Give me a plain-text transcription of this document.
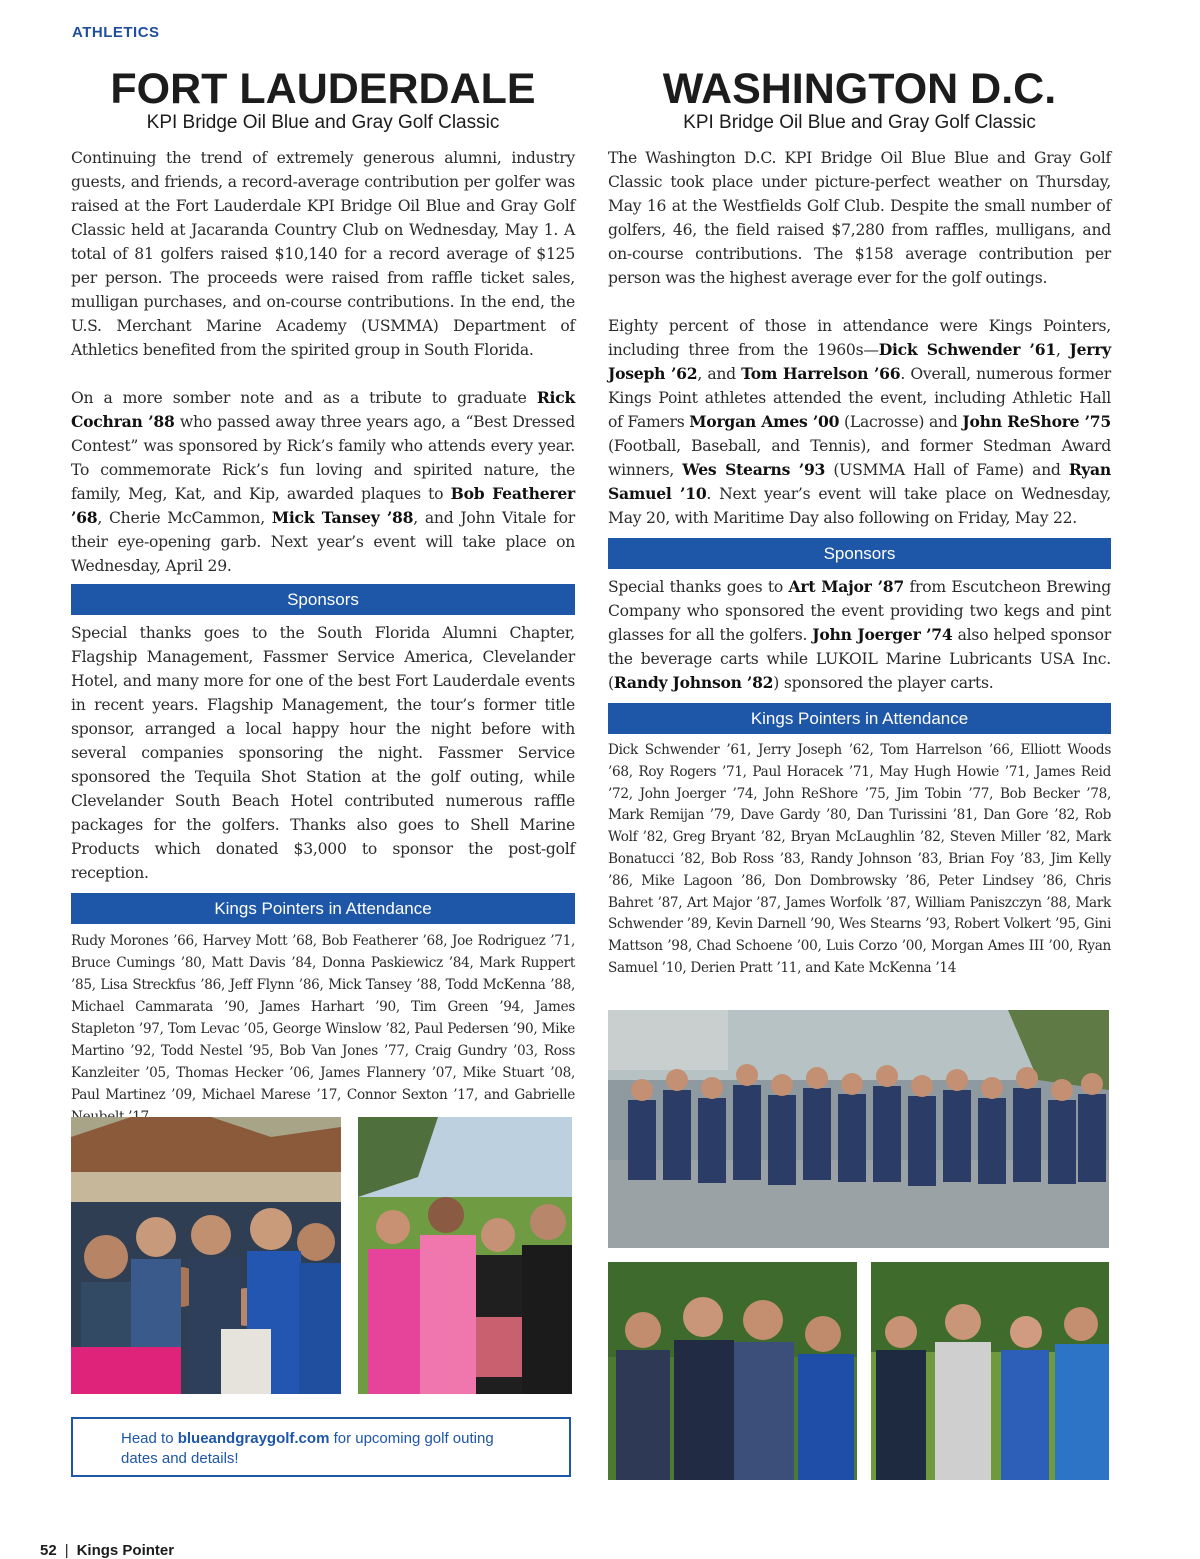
ATHLETICS
FORT LAUDERDALE

KPI Bridge Oil Blue and Gray Golf Classic

Continuing the trend of extremely generous alumni, industry guests, and friends, a record-average contribution per golfer was raised at the Fort Lauderdale KPI Bridge Oil Blue and Gray Golf Classic held at Jacaranda Country Club on Wednesday, May 1. A total of 81 golfers raised $10,140 for a record average of $125 per person. The proceeds were raised from raffle ticket sales, mulligan purchases, and on-course contributions. In the end, the U.S. Merchant Marine Academy (USMMA) Department of Athletics benefited from the spirited group in South Florida.

On a more somber note and as a tribute to graduate Rick Cochran ’88 who passed away three years ago, a “Best Dressed Contest” was sponsored by Rick’s family who attends every year. To commemorate Rick’s fun loving and spirited nature, the family, Meg, Kat, and Kip, awarded plaques to Bob Featherer ’68, Cherie McCammon, Mick Tansey ’88, and John Vitale for their eye-opening garb. Next year’s event will take place on Wednesday, April 29.

Sponsors

Special thanks goes to the South Florida Alumni Chapter, Flagship Management, Fassmer Service America, Clevelander Hotel, and many more for one of the best Fort Lauderdale events in recent years. Flagship Management, the tour’s former title sponsor, arranged a local happy hour the night before with several companies sponsoring the night. Fassmer Service sponsored the Tequila Shot Station at the golf outing, while Clevelander South Beach Hotel contributed numerous raffle packages for the golfers. Thanks also goes to Shell Marine Products which donated $3,000 to sponsor the post-golf reception.

Kings Pointers in Attendance

Rudy Morones ’66, Harvey Mott ’68, Bob Featherer ’68, Joe Rodriguez ’71, Bruce Cumings ’80, Matt Davis ’84, Donna Paskiewicz ’84, Mark Ruppert ’85, Lisa Streckfus ’86, Jeff Flynn ’86, Mick Tansey ’88, Todd McKenna ’88, Michael Cammarata ’90, James Harhart ’90, Tim Green ’94, James Stapleton ’97, Tom Levac ’05, George Winslow ’82, Paul Pedersen ’90, Mike Martino ’92, Todd Nestel ’95, Bob Van Jones ’77, Craig Gundry ’03, Ross Kanzleiter ’05, Thomas Hecker ’06, James Flannery ’07, Mike Stuart ’08, Paul Martinez ’09, Michael Marese ’17, Connor Sexton ’17, and Gabrielle

WASHINGTON D.C.

KPI Bridge Oil Blue and Gray Golf Classic

The Washington D.C. KPI Bridge Oil Blue Blue and Gray Golf Classic took place under picture-perfect weather on Thursday, May 16 at the Westfields Golf Club. Despite the small number of golfers, 46, the field raised $7,280 from raffles, mulligans, and on-course contributions. The $158 average contribution per person was the highest average ever for the golf outings.

Eighty percent of those in attendance were Kings Pointers, including three from the 1960s—Dick Schwender ’61, Jerry Joseph ’62, and Tom Harrelson ’66. Overall, numerous former Kings Point athletes attended the event, including Athletic Hall of Famers Morgan Ames ’00 (Lacrosse) and John ReShore ’75 (Football, Baseball, and Tennis), and former Stedman Award winners, Wes Stearns ’93 (USMMA Hall of Fame) and Ryan Samuel ’10. Next year’s event will take place on Wednesday, May 20, with Maritime Day also following on Friday, May 22.

Sponsors

Special thanks goes to Art Major ’87 from Escutcheon Brewing Company who sponsored the event providing two kegs and pint glasses for all the golfers. John Joerger ’74 also helped sponsor the beverage carts while LUKOIL Marine Lubricants USA Inc. (Randy Johnson ’82) sponsored the player carts.

Kings Pointers in Attendance

Dick Schwender ’61, Jerry Joseph ’62, Tom Harrelson ’66, Elliott Woods ’68, Roy Rogers ’71, Paul Horacek ’71, May Hugh Howie ’71, James Reid ’72, John Joerger ’74, John ReShore ’75, Jim Tobin ’77, Bob Becker ’78, Mark Remijan ’79, Dave Gardy ’80, Dan Turissini ’81, Dan Gore ’82, Rob Wolf ’82, Greg Bryant ’82, Bryan McLaughlin ’82, Steven Miller ’82, Mark Bonatucci ’82, Bob Ross ’83, Randy Johnson ’83, Brian Foy ’83, Jim Kelly ’86, Mike Lagoon ’86, Don Dombrowsky ’86, Peter Lindsey ’86, Chris Bahret ’87, Art Major ’87, James Worfolk ’87, William Paniszczyn ’88, Mark Schwender ’89, Kevin Darnell ’90, Wes Stearns ’93, Robert Volkert ’95, Gini Mattson ’98, Chad Schoene ’00, Luis Corzo ’00, Morgan Ames III ’00, Ryan Samuel ’10, Derien Pratt ’11, and Kate McKenna ’14

Head to blueandgraygolf.com for upcoming golf outing dates and details!
52 | Kings Pointer
